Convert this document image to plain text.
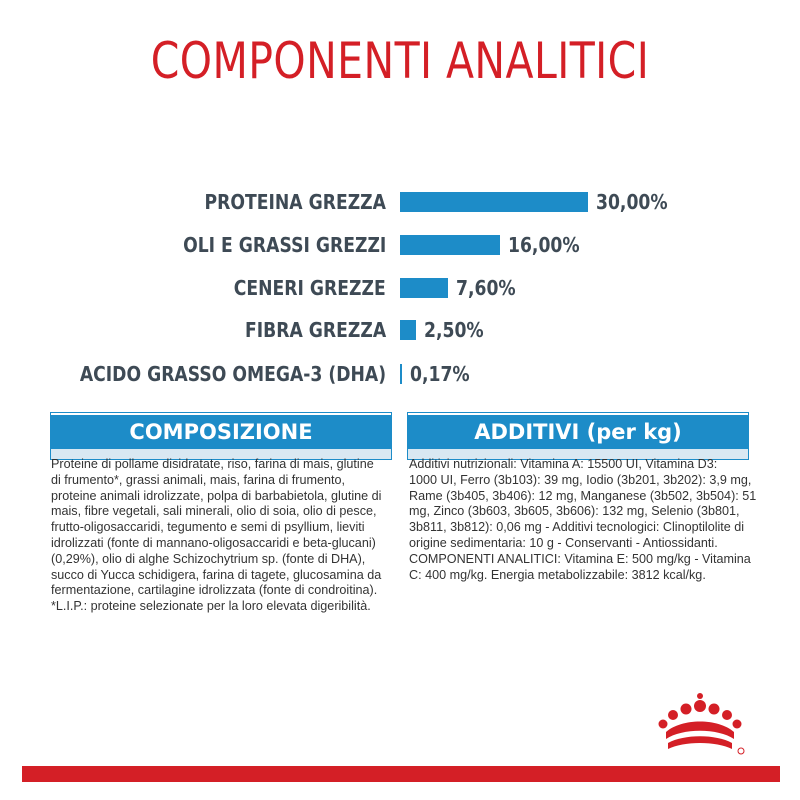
COMPONENTI ANALITICI
PROTEINA GREZZA	30,00%
OLI E GRASSI GREZZI	16,00%
CENERI GREZZE	7,60%
FIBRA GREZZA 2,50%
ACIDO GRASSO OMEGA-3 (DHA) 0,17%
COMPOSIZIONE

Proteine di pollame disidratate, riso, farina di mais, glutine

di frumento*, grassi animali, mais, farina di frumento,

proteine animali idrolizzate, polpa di barbabietola, glutine di

mais, fibre vegetali, sali minerali, olio di soia, olio di pesce,

frutto-oligosaccaridi, tegumento e semi di psyllium, lieviti

idrolizzati (fonte di mannano-oligosaccaridi e beta-glucani)

(0,29%), olio di alghe Schizochytrium sp. (fonte di DHA),

succo di Yucca schidigera, farina di tagete, glucosamina da

fermentazione, cartilagine idrolizzata (fonte di condroitina).

*L.I.P.: proteine selezionate per la loro elevata digeribilità.

ADDITIVI (per kg)

Additivi nutrizionali: Vitamina A: 15500 UI, Vitamina D3:

1000 UI, Ferro (3b103): 39 mg, Iodio (3b201, 3b202): 3,9 mg,

Rame (3b405, 3b406): 12 mg, Manganese (3b502, 3b504): 51

mg, Zinco (3b603, 3b605, 3b606): 132 mg, Selenio (3b801,

3b811, 3b812): 0,06 mg - Additivi tecnologici: Clinoptilolite di

origine sedimentaria: 10 g - Conservanti - Antiossidanti.

COMPONENTI ANALITICI: Vitamina E: 500 mg/kg - Vitamina

C: 400 mg/kg. Energia metabolizzabile: 3812 kcal/kg.
